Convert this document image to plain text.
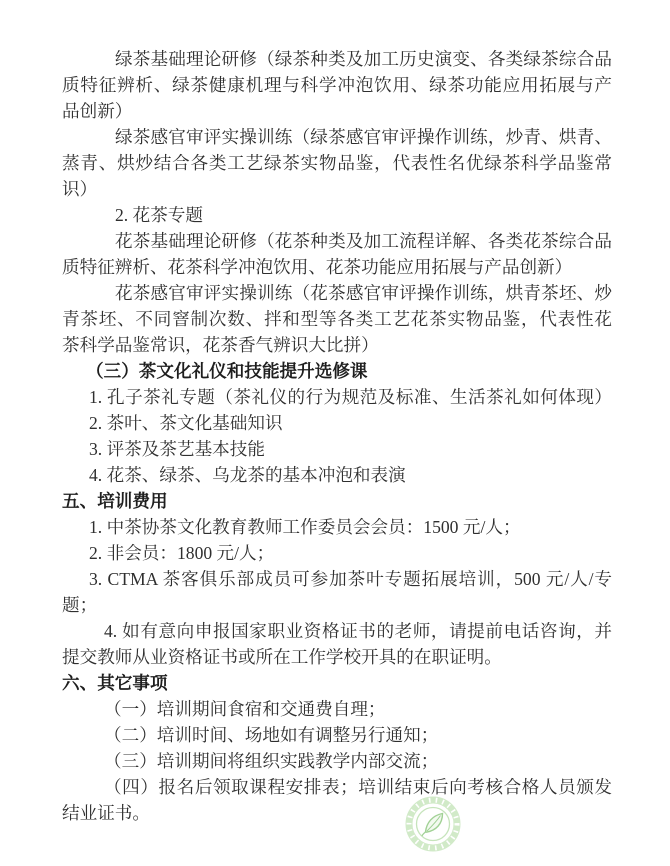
绿茶基础理论研修（绿茶种类及加工历史演变、各类绿茶综合品
质特征辨析、绿茶健康机理与科学冲泡饮用、绿茶功能应用拓展与产
品创新）
绿茶感官审评实操训练（绿茶感官审评操作训练，炒青、烘青、
蒸青、烘炒结合各类工艺绿茶实物品鉴，代表性名优绿茶科学品鉴常
识）
2. 花茶专题
花茶基础理论研修（花茶种类及加工流程详解、各类花茶综合品
质特征辨析、花茶科学冲泡饮用、花茶功能应用拓展与产品创新）
花茶感官审评实操训练（花茶感官审评操作训练，烘青茶坯、炒
青茶坯、不同窨制次数、拌和型等各类工艺花茶实物品鉴，代表性花
茶科学品鉴常识，花茶香气辨识大比拼）
（三）茶文化礼仪和技能提升选修课
1. 孔子茶礼专题（茶礼仪的行为规范及标准、生活茶礼如何体现）
2. 茶叶、茶文化基础知识
3. 评茶及茶艺基本技能
4. 花茶、绿茶、乌龙茶的基本冲泡和表演
五、培训费用
1. 中茶协茶文化教育教师工作委员会会员：1500 元/人；
2. 非会员：1800 元/人；
3. CTMA 茶客俱乐部成员可参加茶叶专题拓展培训，500 元/人/专
题；
4. 如有意向申报国家职业资格证书的老师，请提前电话咨询，并
提交教师从业资格证书或所在工作学校开具的在职证明。
六、其它事项
（一）培训期间食宿和交通费自理；
（二）培训时间、场地如有调整另行通知；
（三）培训期间将组织实践教学内部交流；
（四）报名后领取课程安排表；培训结束后向考核合格人员颁发
结业证书。
